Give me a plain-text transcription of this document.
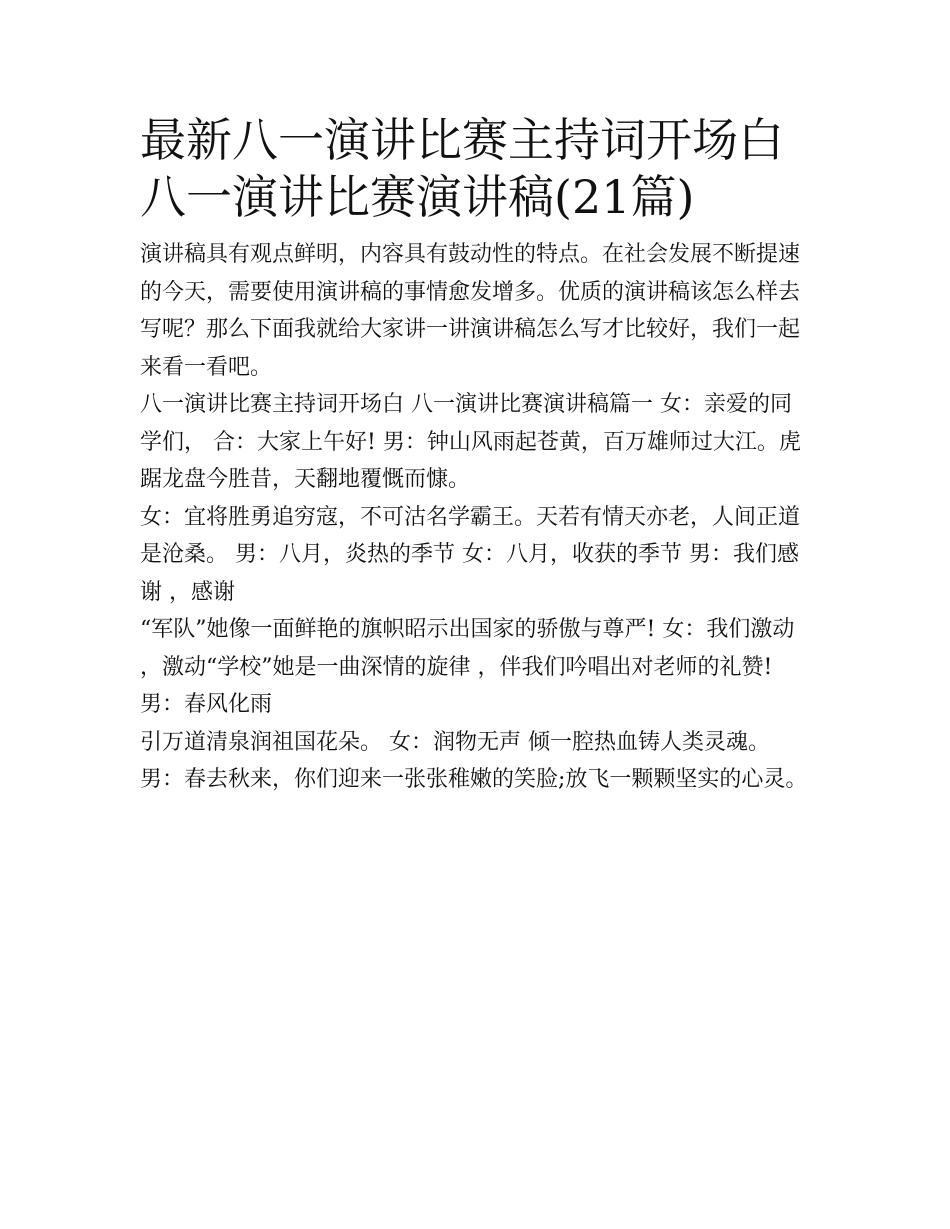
最新八一演讲比赛主持词开场白 八一演讲比赛演讲稿(21篇)

演讲稿具有观点鲜明，内容具有鼓动性的特点。在社会发展不断提速的今天，需要使用演讲稿的事情愈发增多。优质的演讲稿该怎么样去写呢？那么下面我就给大家讲一讲演讲稿怎么写才比较好，我们一起来看一看吧。

八一演讲比赛主持词开场白 八一演讲比赛演讲稿篇一 女：亲爱的同学们， 合：大家上午好! 男：钟山风雨起苍黄，百万雄师过大江。虎踞龙盘今胜昔，天翻地覆慨而慷。

女：宜将胜勇追穷寇，不可沽名学霸王。天若有情天亦老，人间正道是沧桑。 男：八月，炎热的季节 女：八月，收获的季节 男：我们感谢 ，感谢

“军队”她像一面鲜艳的旗帜昭示出国家的骄傲与尊严! 女：我们激动 ，激动“学校”她是一曲深情的旋律 ，伴我们吟唱出对老师的礼赞! 男：春风化雨

引万道清泉润祖国花朵。 女：润物无声 倾一腔热血铸人类灵魂。 男：春去秋来，你们迎来一张张稚嫩的笑脸;放飞一颗颗坚实的心灵。
